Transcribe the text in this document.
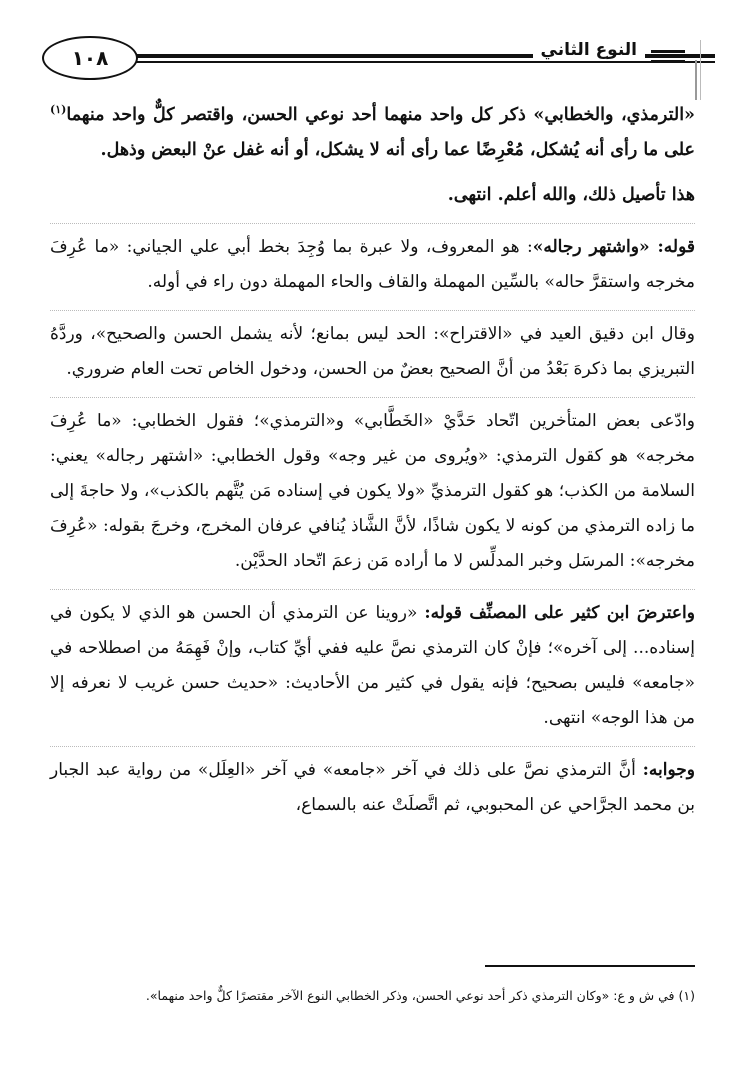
١٠٨	النوع الثاني

«الترمذي، والخطابي» ذكر كل واحد منهما أحد نوعي الحسن، واقتصر كلٌّ واحد منهما$^{(١)}$ على ما رأى أنه يُشكل، مُعْرِضًا عما رأى أنه لا يشكل، أو أنه غفل عنْ البعض وذهل.

هذا تأصيل ذلك، والله أعلم. انتهى.

قوله: «واشتهر رجاله»: هو المعروف، ولا عبرة بما وُجِدَ بخط أبي علي الجياني: «ما عُرِفَ مخرجه واستقرَّ حاله» بالسِّين المهملة والقاف والحاء المهملة دون راء في أوله.

وقال ابن دقيق العيد في «الاقتراح»: الحد ليس بمانع؛ لأنه يشمل الحسن والصحيح»، وردَّهُ التبريزي بما ذكرهَ بَعْدُ من أنَّ الصحيح بعضٌ من الحسن، ودخول الخاص تحت العام ضروري.

وادّعى بعض المتأخرين اتّحاد حَدَّيْ «الخَطَّابي» و«الترمذي»؛ فقول الخطابي: «ما عُرِفَ مخرجه» هو كقول الترمذي: «ويُروى من غير وجه» وقول الخطابي: «اشتهر رجاله» يعني: السلامة من الكذب؛ هو كقول الترمذيِّ «ولا يكون في إسناده مَن يُتَّهم بالكذب»، ولا حاجةَ إلى ما زاده الترمذي من كونه لا يكون شاذًا، لأنَّ الشَّاذ يُنافي عرفان المخرج، وخرجَ بقوله: «عُرِفَ مخرجه»: المرسَل وخبر المدلِّس لا ما أراده مَن زعمَ اتّحاد الحدَّيْن.

واعترضَ ابن كثير على المصنِّف قوله: «روينا عن الترمذي أن الحسن هو الذي لا يكون في إسناده... إلى آخره»؛ فإنْ كان الترمذي نصَّ عليه ففي أيِّ كتاب، وإنْ فَهِمَهُ من اصطلاحه في «جامعه» فليس بصحيح؛ فإنه يقول في كثير من الأحاديث: «حديث حسن غريب لا نعرفه إلا من هذا الوجه» انتهى.

وجوابه: أنَّ الترمذي نصَّ على ذلك في آخر «جامعه» في آخر «العِلَل» من رواية عبد الجبار بن محمد الجرَّاحي عن المحبوبي، ثم اتَّصلَتْ عنه بالسماع،

(١) في ش و ع: «وكان الترمذي ذكر أحد نوعي الحسن، وذكر الخطابي النوع الآخر مقتصرًا كلٌّ واحد منهما».
